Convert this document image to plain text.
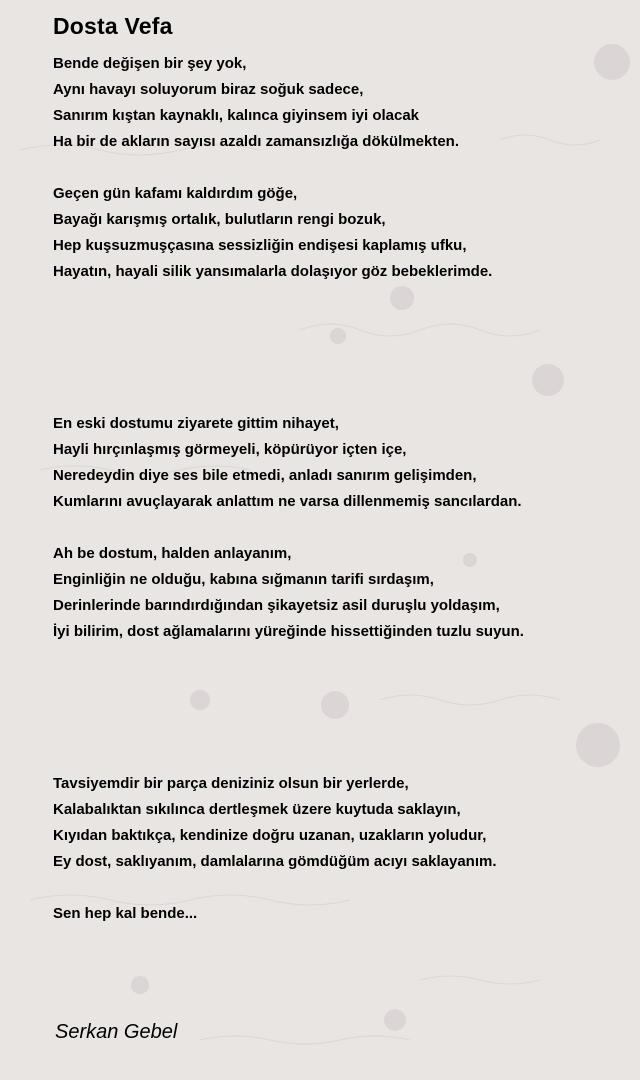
Dosta Vefa
Bende değişen bir şey yok,
Aynı havayı soluyorum biraz soğuk sadece,
Sanırım kıştan kaynaklı, kalınca giyinsem iyi olacak
Ha bir de akların sayısı azaldı zamansızlığa dökülmekten.
Geçen gün kafamı kaldırdım göğe,
Bayağı karışmış ortalık, bulutların rengi bozuk,
Hep kuşsuzmuşçasına sessizliğin endişesi kaplamış ufku,
Hayatın, hayali silik yansımalarla dolaşıyor göz bebeklerimde.
En eski dostumu ziyarete gittim nihayet,
Hayli hırçınlaşmış görmeyeli, köpürüyor içten içe,
Neredeydin diye ses bile etmedi, anladı sanırım gelişimden,
Kumlarını avuçlayarak anlattım ne varsa dillenmemiş sancılardan.
Ah be dostum, halden anlayanım,
Enginliğin ne olduğu, kabına sığmanın tarifi sırdaşım,
Derinlerinde barındırdığından şikayetsiz asil duruşlu yoldaşım,
İyi bilirim, dost ağlamalarını yüreğinde hissettiğinden tuzlu suyun.
Tavsiyemdir bir parça deniziniz olsun bir yerlerde,
Kalabalıktan sıkılınca dertleşmek üzere kuytuda saklayın,
Kıyıdan baktıkça, kendinize doğru uzanan, uzakların yoludur,
Ey dost, saklıyanım, damlalarına gömdüğüm acıyı saklayanım.
Sen hep kal bende...
Serkan Gebel
